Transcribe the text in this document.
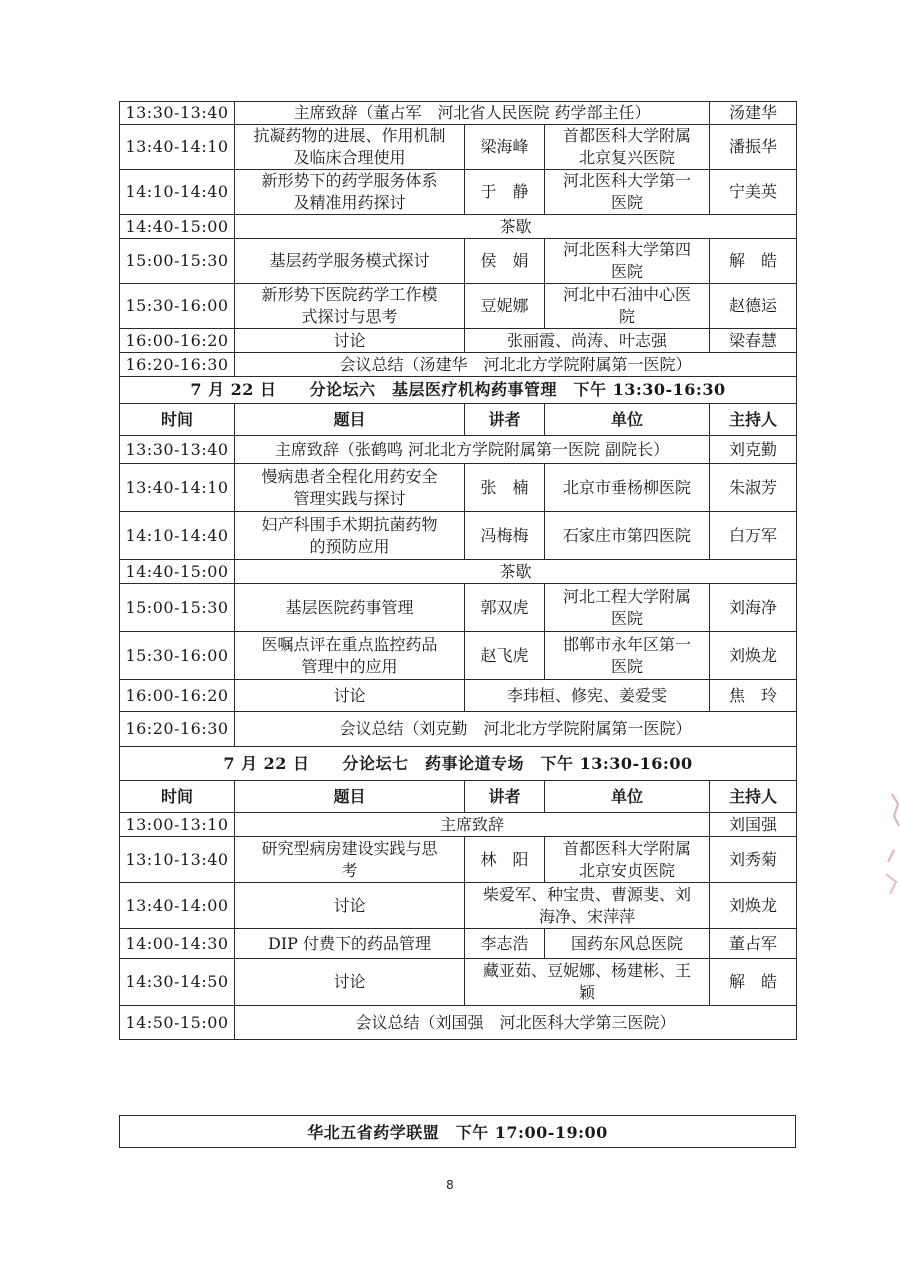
13:30-13:40	主席致辞（董占军　河北省人民医院 药学部主任）			汤建华

13:40-14:10	抗凝药物的进展、作用机制
及临床合理使用	梁海峰	首都医科大学附属
北京复兴医院	潘振华

14:10-14:40	新形势下的药学服务体系
及精准用药探讨	于　静	河北医科大学第一
医院	宁美英

14:40-15:00	茶歇			

15:00-15:30	基层药学服务模式探讨	侯　娟	河北医科大学第四
医院	解　皓

15:30-16:00	新形势下医院药学工作模
式探讨与思考	豆妮娜	河北中石油中心医
院	赵德运

16:00-16:20	讨论	张丽霞、尚涛、叶志强		梁春慧

16:20-16:30	会议总结（汤建华　河北北方学院附属第一医院）			

7 月 22 日　　分论坛六　基层医疗机构药事管理　下午 13:30-16:30				

时间	题目	讲者	单位	主持人

13:30-13:40	主席致辞（张鹤鸣 河北北方学院附属第一医院 副院长）			刘克勤

13:40-14:10	慢病患者全程化用药安全
管理实践与探讨	张　楠	北京市垂杨柳医院	朱淑芳

14:10-14:40	妇产科围手术期抗菌药物
的预防应用	冯梅梅	石家庄市第四医院	白万军

14:40-15:00	茶歇			

15:00-15:30	基层医院药事管理	郭双虎	河北工程大学附属
医院	刘海净

15:30-16:00	医嘱点评在重点监控药品
管理中的应用	赵飞虎	邯郸市永年区第一
医院	刘焕龙

16:00-16:20	讨论	李玮桓、修宪、姜爱雯		焦　玲

16:20-16:30	会议总结（刘克勤　河北北方学院附属第一医院）			

7 月 22 日　　分论坛七　药事论道专场　下午 13:30-16:00				

时间	题目	讲者	单位	主持人

13:00-13:10	主席致辞			刘国强

13:10-13:40	研究型病房建设实践与思
考	林　阳	首都医科大学附属
北京安贞医院	刘秀菊

13:40-14:00	讨论	柴爱军、种宝贵、曹源斐、刘
海净、宋萍萍		刘焕龙

14:00-14:30	DIP 付费下的药品管理	李志浩	国药东风总医院	董占军

14:30-14:50	讨论	藏亚茹、豆妮娜、杨建彬、王
颖		解　皓

14:50-15:00	会议总结（刘国强　河北医科大学第三医院）			
华北五省药学联盟　下午 17:00-19:00
8
